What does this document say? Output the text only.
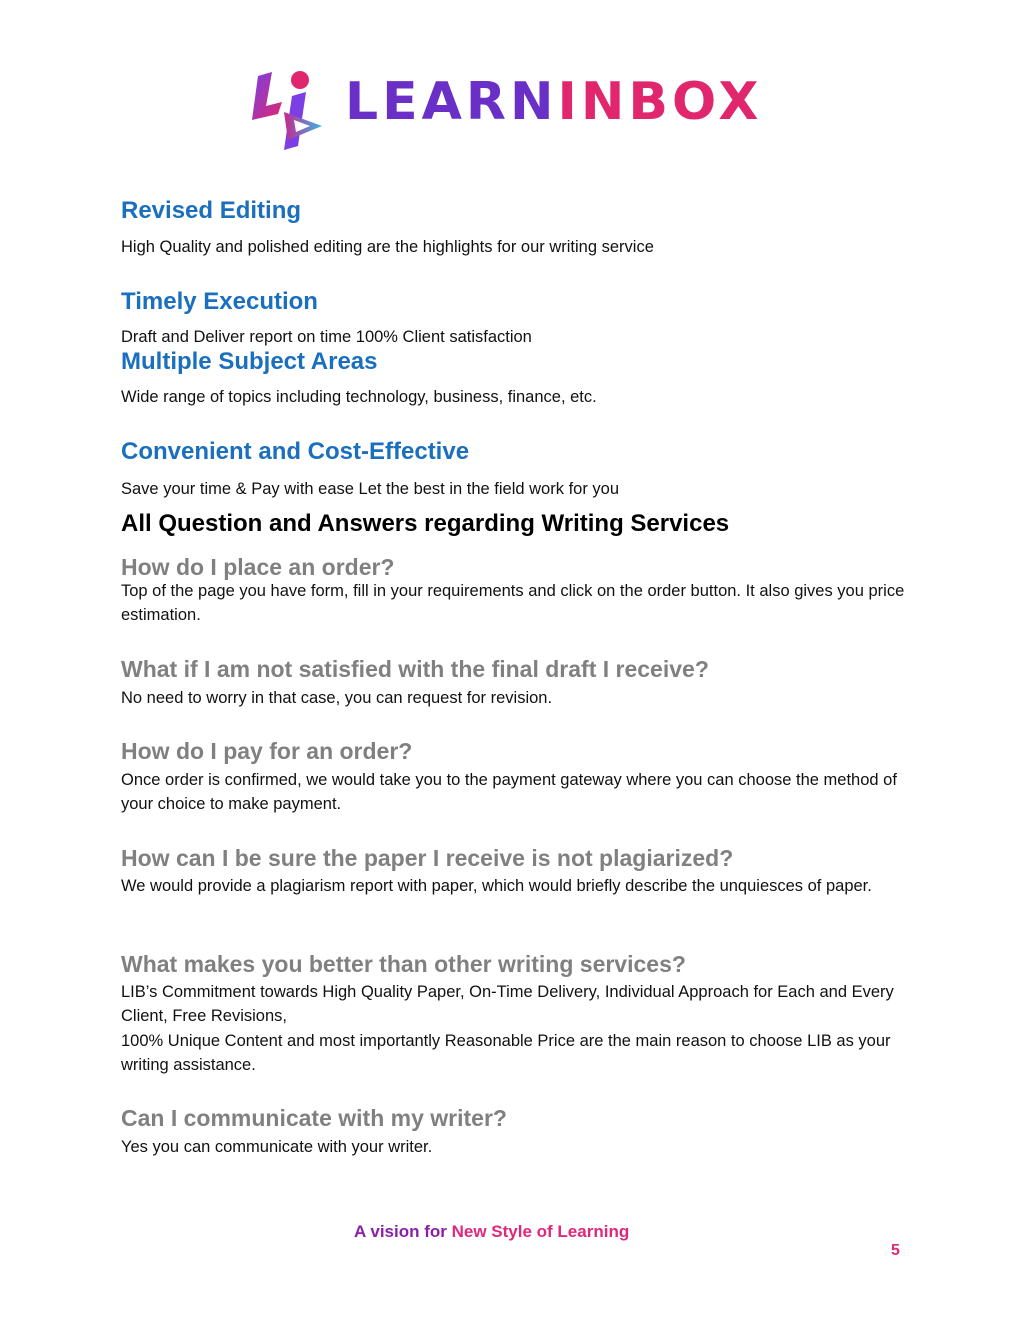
LEARNINBOX

Revised Editing

High Quality and polished editing are the highlights for our writing service

Timely Execution

Draft and Deliver report on time 100% Client satisfaction

Multiple Subject Areas

Wide range of topics including technology, business, finance, etc.

Convenient and Cost-Effective

Save your time & Pay with ease Let the best in the field work for you

All Question and Answers regarding Writing Services
How do I place an order?

Top of the page you have form, fill in your requirements and click on the order button. It also gives you price estimation.

What if I am not satisfied with the final draft I receive?

No need to worry in that case, you can request for revision.

How do I pay for an order?

Once order is confirmed, we would take you to the payment gateway where you can choose the method of your choice to make payment.

How can I be sure the paper I receive is not plagiarized?

We would provide a plagiarism report with paper, which would briefly describe the unquiesces of paper.

What makes you better than other writing services?

LIB’s Commitment towards High Quality Paper, On-Time Delivery, Individual Approach for Each and Every Client, Free Revisions,

100% Unique Content and most importantly Reasonable Price are the main reason to choose LIB as your writing assistance.

Can I communicate with my writer?

Yes you can communicate with your writer.

A vision for New Style of Learning

5
